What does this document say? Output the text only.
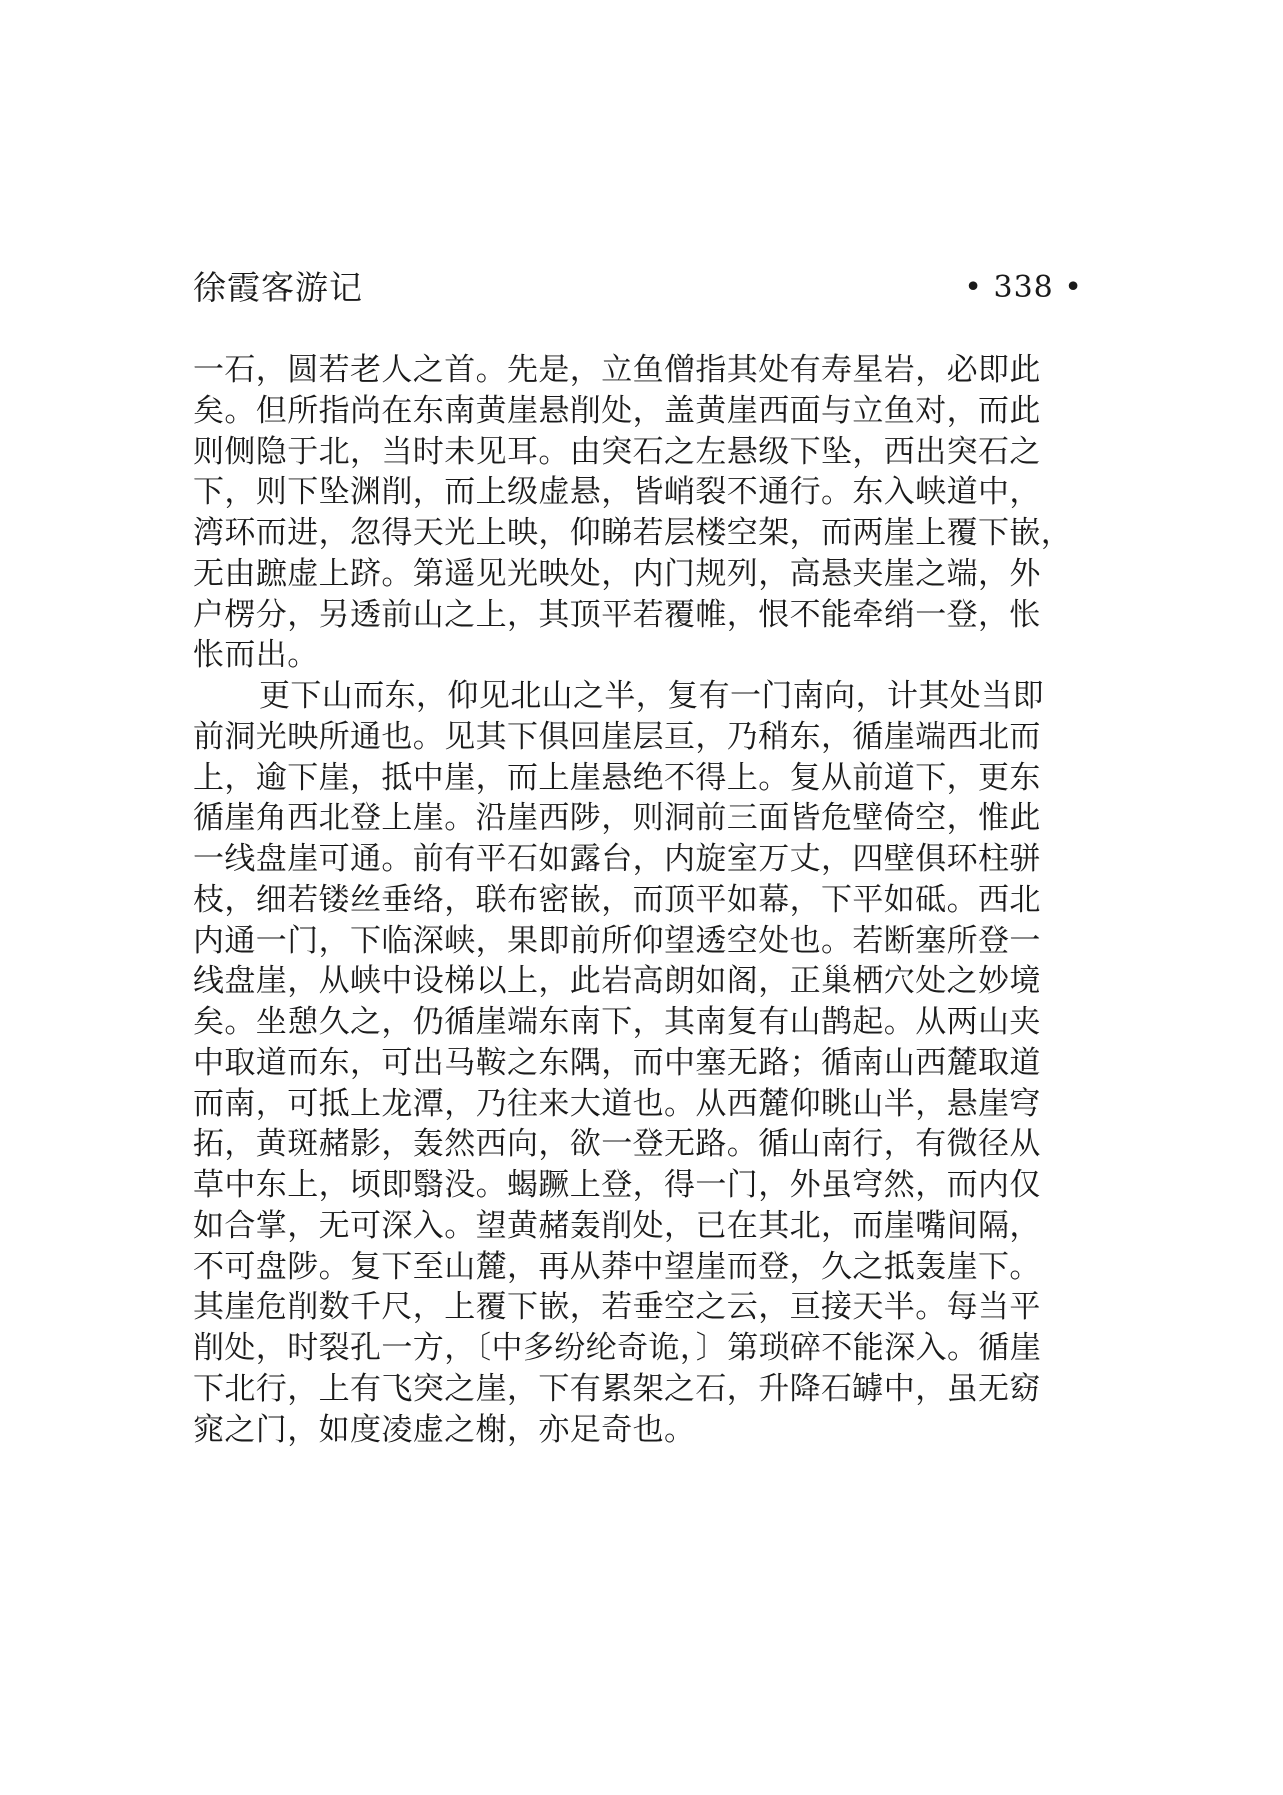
徐霞客游记	• 338 •
一石，圆若老人之首。先是，立鱼僧指其处有寿星岩，必即此
矣。但所指尚在东南黄崖悬削处，盖黄崖西面与立鱼对，而此
则侧隐于北，当时未见耳。由突石之左悬级下坠，西出突石之
下，则下坠渊削，而上级虚悬，皆峭裂不通行。东入峡道中，
湾环而进，忽得天光上映，仰睇若层楼空架，而两崖上覆下嵌，
无由蹠虚上跻。第遥见光映处，内门规列，高悬夹崖之端，外
户楞分，另透前山之上，其顶平若覆帷，恨不能牵绡一登，怅
怅而出。
更下山而东，仰见北山之半，复有一门南向，计其处当即
前洞光映所通也。见其下俱回崖层亘，乃稍东，循崖端西北而
上，逾下崖，抵中崖，而上崖悬绝不得上。复从前道下，更东
循崖角西北登上崖。沿崖西陟，则洞前三面皆危壁倚空，惟此
一线盘崖可通。前有平石如露台，内旋室万丈，四壁俱环柱骈
枝，细若镂丝垂络，联布密嵌，而顶平如幕，下平如砥。西北
内通一门，下临深峡，果即前所仰望透空处也。若断塞所登一
线盘崖，从峡中设梯以上，此岩高朗如阁，正巢栖穴处之妙境
矣。坐憩久之，仍循崖端东南下，其南复有山鹊起。从两山夹
中取道而东，可出马鞍之东隅，而中塞无路；循南山西麓取道
而南，可抵上龙潭，乃往来大道也。从西麓仰眺山半，悬崖穹
拓，黄斑赭影，轰然西向，欲一登无路。循山南行，有微径从
草中东上，顷即翳没。蝎蹶上登，得一门，外虽穹然，而内仅
如合掌，无可深入。望黄赭轰削处，已在其北，而崖嘴间隔，
不可盘陟。复下至山麓，再从莽中望崖而登，久之抵轰崖下。
其崖危削数千尺，上覆下嵌，若垂空之云，亘接天半。每当平
削处，时裂孔一方，〔中多纷纶奇诡，〕第琐碎不能深入。循崖
下北行，上有飞突之崖，下有累架之石，升降石罅中，虽无窈
窕之门，如度凌虚之榭，亦足奇也。
